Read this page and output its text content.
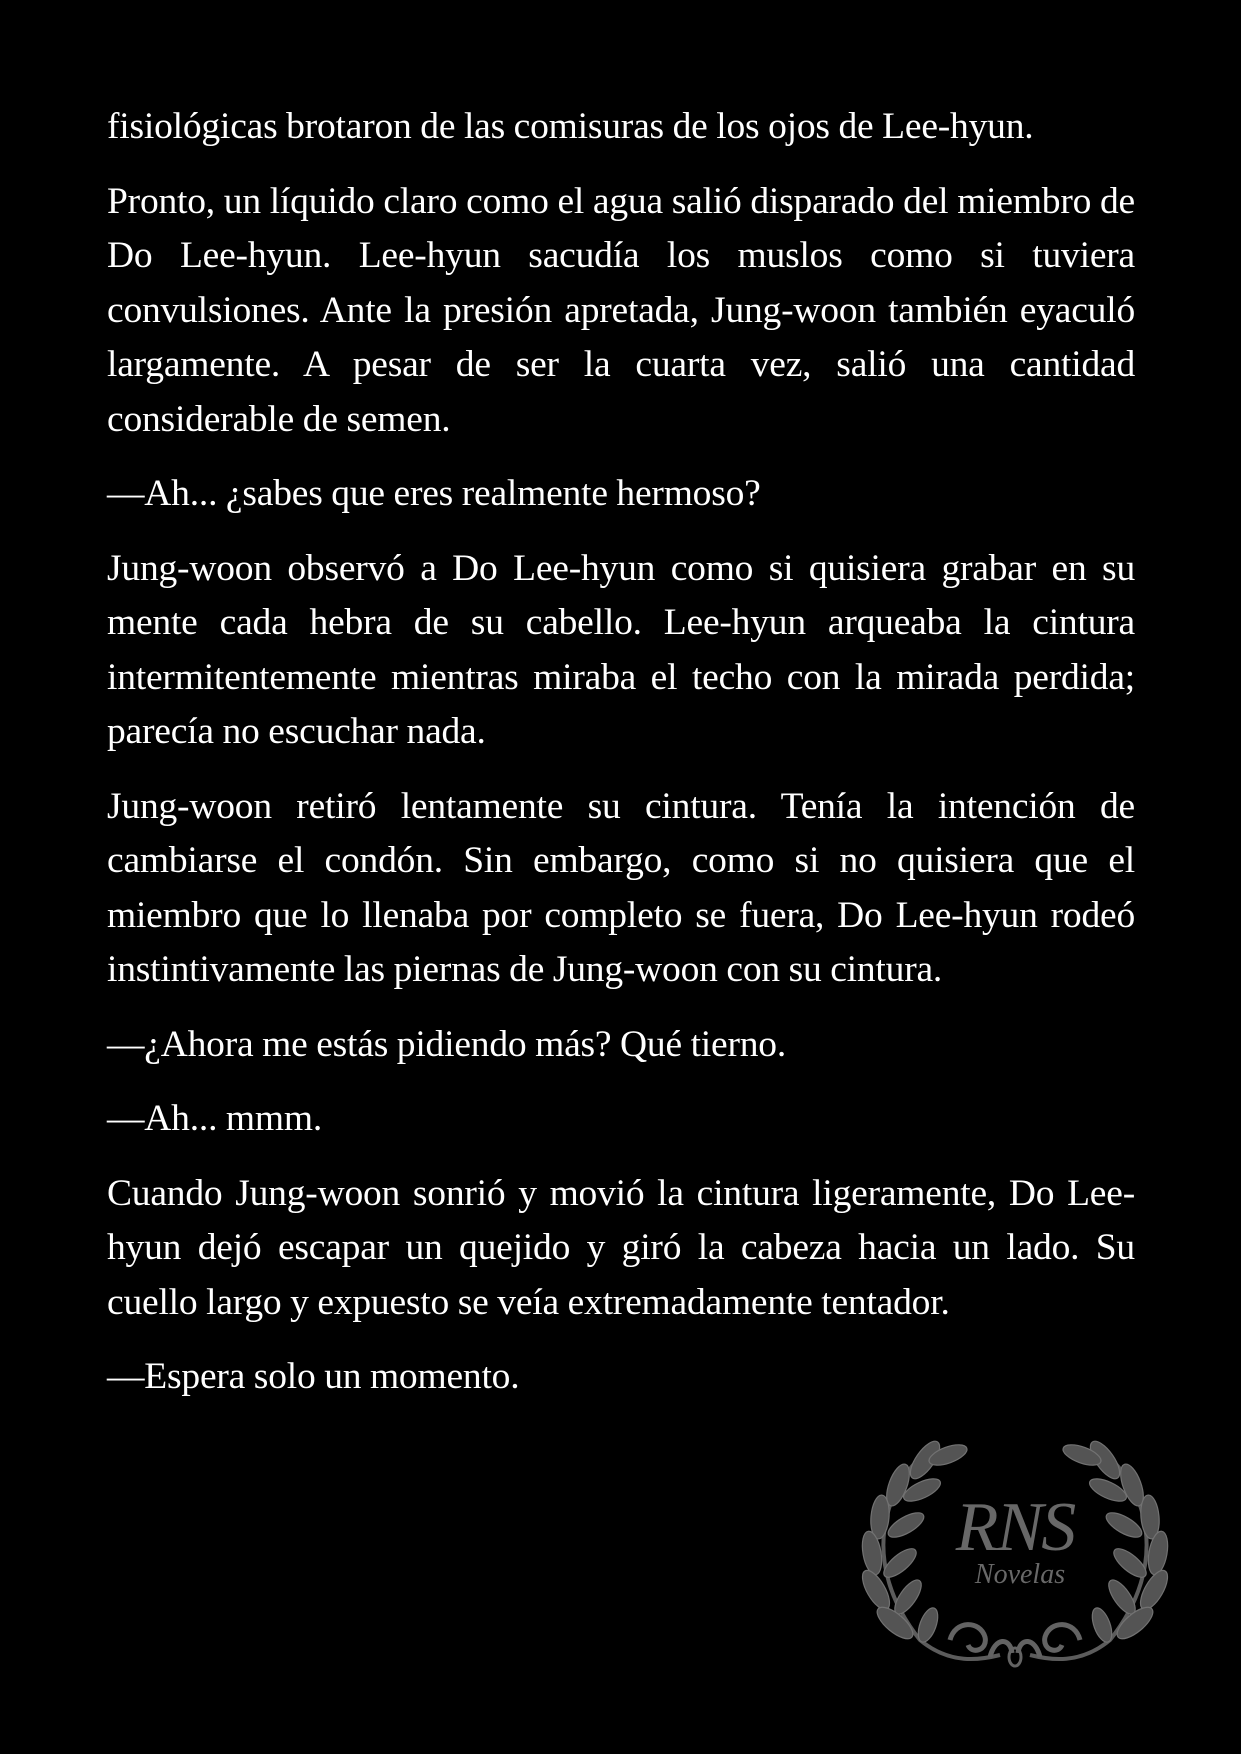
fisiológicas brotaron de las comisuras de los ojos de Lee-hyun.

Pronto, un líquido claro como el agua salió disparado del miembro de Do Lee-hyun. Lee-hyun sacudía los muslos como si tuviera convulsiones. Ante la presión apretada, Jung-woon también eyaculó largamente. A pesar de ser la cuarta vez, salió una cantidad considerable de semen.

—Ah... ¿sabes que eres realmente hermoso?

Jung-woon observó a Do Lee-hyun como si quisiera grabar en su mente cada hebra de su cabello. Lee-hyun arqueaba la cintura intermitentemente mientras miraba el techo con la mirada perdida; parecía no escuchar nada.

Jung-woon retiró lentamente su cintura. Tenía la intención de cambiarse el condón. Sin embargo, como si no quisiera que el miembro que lo llenaba por completo se fuera, Do Lee-hyun rodeó instintivamente las piernas de Jung-woon con su cintura.

—¿Ahora me estás pidiendo más? Qué tierno.

—Ah... mmm.

Cuando Jung-woon sonrió y movió la cintura ligeramente, Do Lee-hyun dejó escapar un quejido y giró la cabeza hacia un lado. Su cuello largo y expuesto se veía extremadamente tentador.

—Espera solo un momento.

RNS
Novelas
